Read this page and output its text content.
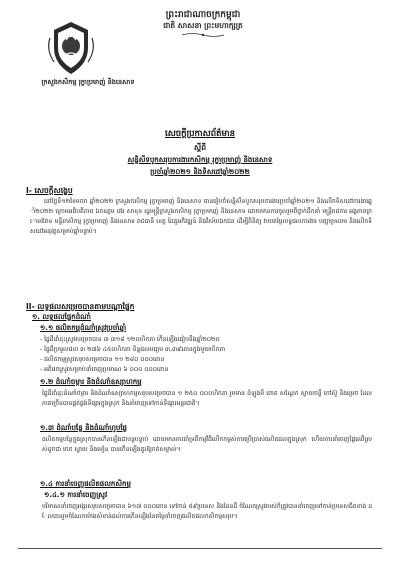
ព្រះរាជាណាចក្រកម្ពុជា
ជាតិ សាសនា ព្រះមហាក្សត្រ
ក្រសួងកសិកម្ម រុក្ខាប្រមាញ់ និងនេសាទ
សេចក្តីប្រកាសព័ត៌មាន
ស្តីពី
សន្និសីទបូកសរុបការងារកសិកម្ម រុក្ខាប្រមាញ់ និងនេសាទ
ប្រចាំឆ្នាំ២០២១ និងទិសដៅឆ្នាំ២០២២
I- សេចក្តីសង្ខេប
នៅថ្ងៃទី១២ខែមករា ឆ្នាំ២០២២ ក្រសួងកសិកម្ម រុក្ខាប្រមាញ់ និងនេសាទ បានរៀបចំសន្និសីទបូកសរុបការងារប្រចាំឆ្នាំ២០២១ និងលើកទិសដៅការងារឆ្នាំ២០២២ ក្រោមអធិបតីភាព ឯកឧត្តម វេង សាខុន រដ្ឋមន្ត្រីក្រសួងកសិកម្ម រុក្ខាប្រមាញ់ និងនេសាទ ដោយមានការចូលរួមពីថ្នាក់ដឹកនាំ មន្ត្រីរាជការ អង្គភាពក្រោមឱវាទ មន្ទីរកសិកម្ម រុក្ខាប្រមាញ់ និងនេសាទ រាជធានី ខេត្ត ដៃគូអភិវឌ្ឍន៍ និងវិស័យឯកជន ដើម្បីពិនិត្យ វាយតម្លៃលទ្ធផលការងារ បញ្ហាប្រឈម និងលើកទិសដៅអនុវត្តសម្រាប់ឆ្នាំបន្ទាប់។
II- លទ្ធផលសម្រេចបានតាមបណ្តាផ្នែក
១. លទ្ធផលផ្នែកដំណាំ
១.១ ផលិតកម្មដំណាំស្រូវប្រចាំឆ្នាំ
- ផ្ទៃដីដាំដុះស្រូវសម្រេចបាន ៣ ៣១៨ ១២០ហិកតា កើនឡើងធៀបនឹងឆ្នាំ២០២០
- ផ្ទៃដីប្រមូលផល ៣ ២៧៦ ៤៥០ហិកតា ទិន្នផលមធ្យម ៣,៣៩តោនក្នុងមួយហិកតា
- ផលិតកម្មស្រូវសរុបសម្រេចបាន ១១ ២៨០ ០០០តោន
- អតិរេកស្រូវសម្រាប់នាំចេញប្រមាណ ៦ ០០០ ០០០តោន
១.២ ដំណាំចម្ការ និងដំណាំឧស្សាហកម្ម
ផ្ទៃដីដាំដុះដំណាំចម្ការ និងដំណាំឧស្សាហកម្មសរុបសម្រេចបាន ១ ២៥០ ០០០ហិកតា រួមមាន ដំឡូងមី ពោត សណ្តែក ស្វាយចន្ទី កៅស៊ូ និងម្រេច ដែលភាគច្រើនបានផ្គត់ផ្គង់ទីផ្សារក្នុងស្រុក និងនាំចេញទៅកាន់ទីផ្សារអន្តរជាតិ។
១.៣ ដំណាំបន្លែ និងដំណាំហូបផ្លែ
ផលិតកម្មបន្លែក្នុងស្រុកបានកើនឡើងជាបន្តបន្ទាប់ ដោយមានការគាំទ្រពីកម្មវិធីលើកកម្ពស់ការប្រើប្រាស់ផលិតផលក្នុងស្រុក ហើយការនាំចេញផ្លែឈើស្រស់ដូចជា ចេក ស្វាយ និងមៀន បានកើនឡើងគួរឱ្យកត់សម្គាល់។
១.៤ ការនាំចេញផលិតផលកសិកម្ម
១.៤.១ ការនាំចេញស្រូវ
បរិមាណនាំចេញអង្ករសរុបសម្រេចបាន ៦១៧ ០០០តោន ទៅកាន់ ៥៩ប្រទេស និងដែនដី ចំណែកស្រូវរបស់ក៏ត្រូវបាននាំចេញទៅកាន់ប្រទេសជិតខាង ដែលបានរួមចំណែកយ៉ាងសំខាន់ដល់ការកើនឡើងនៃតម្លៃនាំចេញផលិតផលកសិកម្មសរុប។
